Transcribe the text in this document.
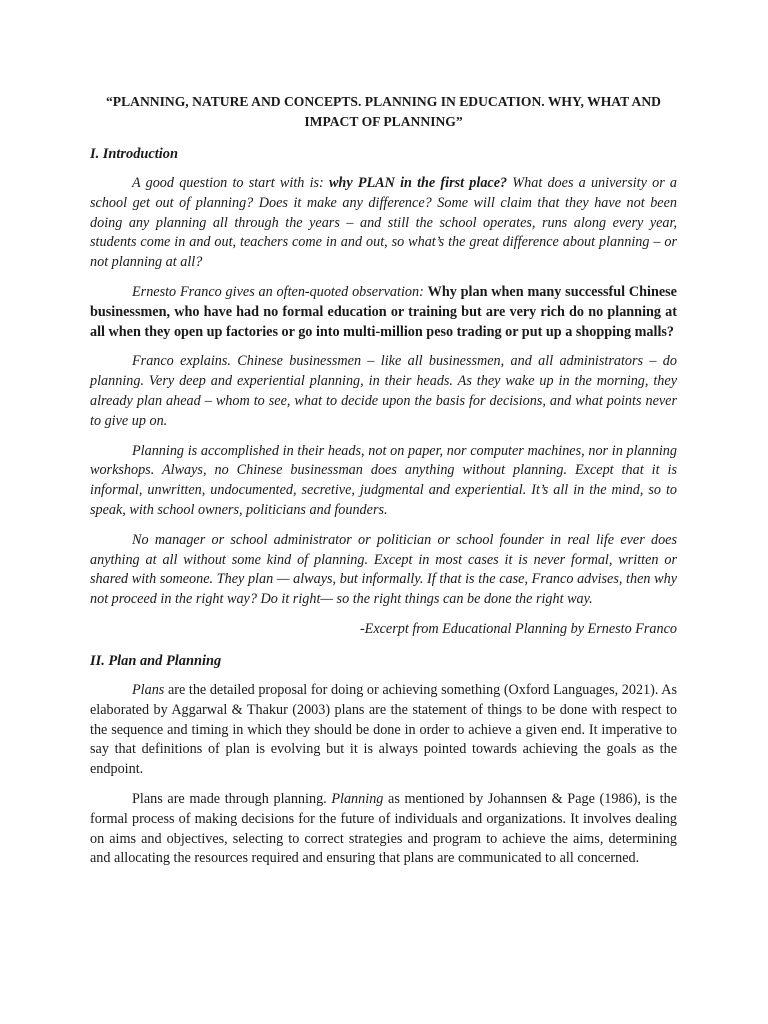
“PLANNING, NATURE AND CONCEPTS. PLANNING IN EDUCATION. WHY, WHAT AND
IMPACT OF PLANNING”
I. Introduction

A good question to start with is: why PLAN in the first place? What does a university or a school get out of planning? Does it make any difference? Some will claim that they have not been doing any planning all through the years – and still the school operates, runs along every year, students come in and out, teachers come in and out, so what’s the great difference about planning – or not planning at all?

Ernesto Franco gives an often-quoted observation: Why plan when many successful Chinese businessmen, who have had no formal education or training but are very rich do no planning at all when they open up factories or go into multi-million peso trading or put up a shopping malls?

Franco explains. Chinese businessmen – like all businessmen, and all administrators – do planning. Very deep and experiential planning, in their heads. As they wake up in the morning, they already plan ahead – whom to see, what to decide upon the basis for decisions, and what points never to give up on.

Planning is accomplished in their heads, not on paper, nor computer machines, nor in planning workshops. Always, no Chinese businessman does anything without planning. Except that it is informal, unwritten, undocumented, secretive, judgmental and experiential. It’s all in the mind, so to speak, with school owners, politicians and founders.

No manager or school administrator or politician or school founder in real life ever does anything at all without some kind of planning. Except in most cases it is never formal, written or shared with someone. They plan — always, but informally. If that is the case, Franco advises, then why not proceed in the right way? Do it right— so the right things can be done the right way.

-Excerpt from Educational Planning by Ernesto Franco
II. Plan and Planning

Plans are the detailed proposal for doing or achieving something (Oxford Languages, 2021). As elaborated by Aggarwal & Thakur (2003) plans are the statement of things to be done with respect to the sequence and timing in which they should be done in order to achieve a given end. It imperative to say that definitions of plan is evolving but it is always pointed towards achieving the goals as the endpoint.

Plans are made through planning. Planning as mentioned by Johannsen & Page (1986), is the formal process of making decisions for the future of individuals and organizations. It involves dealing on aims and objectives, selecting to correct strategies and program to achieve the aims, determining and allocating the resources required and ensuring that plans are communicated to all concerned.
